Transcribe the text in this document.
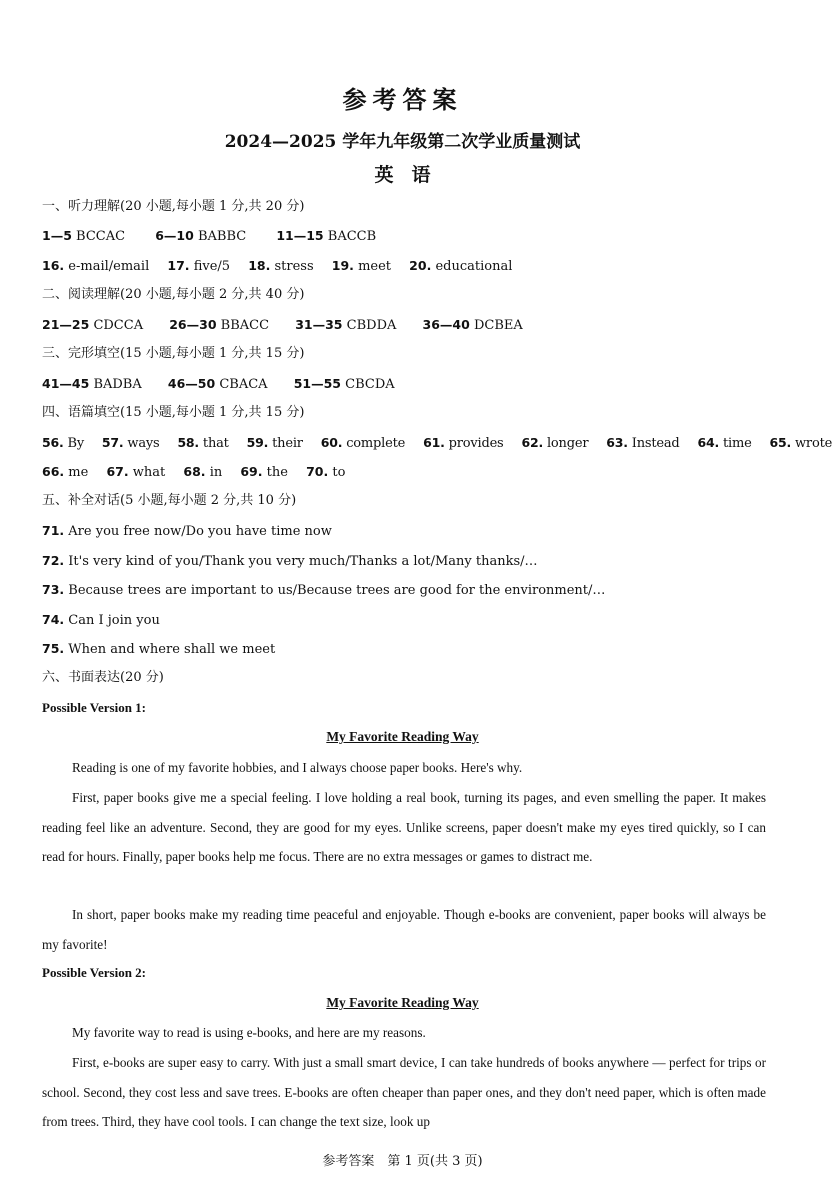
参考答案
2024—2025 学年九年级第二次学业质量测试
英语
一、听力理解(20 小题,每小题 1 分,共 20 分)
1—5 BCCAC 6—10 BABBC 11—15 BACCB
16. e-mail/email 17. five/5 18. stress 19. meet 20. educational
二、阅读理解(20 小题,每小题 2 分,共 40 分)
21—25 CDCCA 26—30 BBACC 31—35 CBDDA 36—40 DCBEA
三、完形填空(15 小题,每小题 1 分,共 15 分)
41—45 BADBA 46—50 CBACA 51—55 CBCDA
四、语篇填空(15 小题,每小题 1 分,共 15 分)
56. By 57. ways 58. that 59. their 60. complete 61. provides 62. longer 63. Instead 64. time 65. wrote
66. me 67. what 68. in 69. the 70. to
五、补全对话(5 小题,每小题 2 分,共 10 分)
71. Are you free now/Do you have time now
72. It's very kind of you/Thank you very much/Thanks a lot/Many thanks/…
73. Because trees are important to us/Because trees are good for the environment/…
74. Can I join you
75. When and where shall we meet
六、书面表达(20 分)
Possible Version 1:
My Favorite Reading Way
Reading is one of my favorite hobbies, and I always choose paper books. Here's why.
First, paper books give me a special feeling. I love holding a real book, turning its pages, and even smelling the paper. It makes reading feel like an adventure. Second, they are good for my eyes. Unlike screens, paper doesn't make my eyes tired quickly, so I can read for hours. Finally, paper books help me focus. There are no extra messages or games to distract me.
In short, paper books make my reading time peaceful and enjoyable. Though e-books are convenient, paper books will always be my favorite!
Possible Version 2:
My Favorite Reading Way
My favorite way to read is using e-books, and here are my reasons.
First, e-books are super easy to carry. With just a small smart device, I can take hundreds of books anywhere — perfect for trips or school. Second, they cost less and save trees. E-books are often cheaper than paper ones, and they don't need paper, which is often made from trees. Third, they have cool tools. I can change the text size, look up
参考答案　第 1 页(共 3 页)
